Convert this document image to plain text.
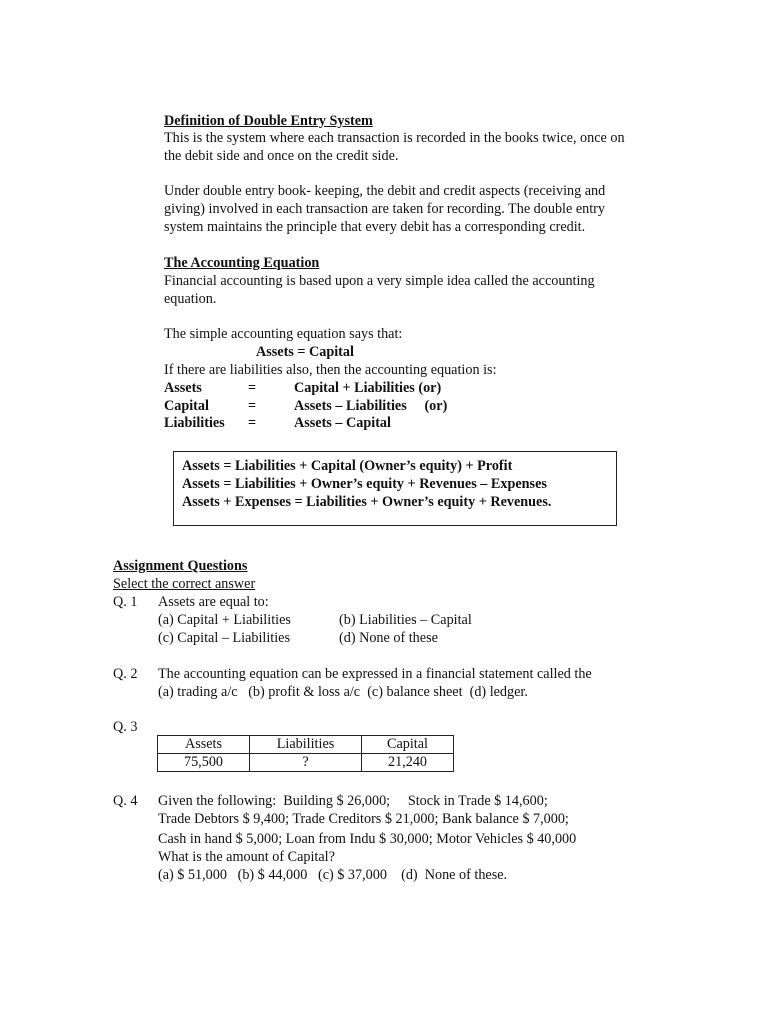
Definition of Double Entry System
This is the system where each transaction is recorded in the books twice, once on
the debit side and once on the credit side.
Under double entry book- keeping, the debit and credit aspects (receiving and
giving) involved in each transaction are taken for recording. The double entry
system maintains the principle that every debit has a corresponding credit.
The Accounting Equation
Financial accounting is based upon a very simple idea called the accounting
equation.
The simple accounting equation says that:
Assets = Capital
If there are liabilities also, then the accounting equation is:
Assets	=	Capital + Liabilities (or)
Capital	=	Assets – Liabilities     (or)
Liabilities =	Assets – Capital
Assets = Liabilities + Capital (Owner’s equity) + Profit
Assets = Liabilities + Owner’s equity + Revenues – Expenses
Assets + Expenses = Liabilities + Owner’s equity + Revenues.
Assignment Questions
Select the correct answer
Q. 1 Assets are equal to:
(a) Capital + Liabilities	(b) Liabilities – Capital
(c) Capital – Liabilities	(d) None of these
Q. 2 The accounting equation can be expressed in a financial statement called the
(a) trading a/c   (b) profit & loss a/c  (c) balance sheet  (d) ledger.
Q. 3
Assets	Liabilities	Capital
75,500	?	21,240
Q. 4 Given the following:  Building $ 26,000;     Stock in Trade $ 14,600;
Trade Debtors $ 9,400; Trade Creditors $ 21,000; Bank balance $ 7,000;
Cash in hand $ 5,000; Loan from Indu $ 30,000; Motor Vehicles $ 40,000
What is the amount of Capital?
(a) $ 51,000   (b) $ 44,000   (c) $ 37,000    (d)  None of these.
